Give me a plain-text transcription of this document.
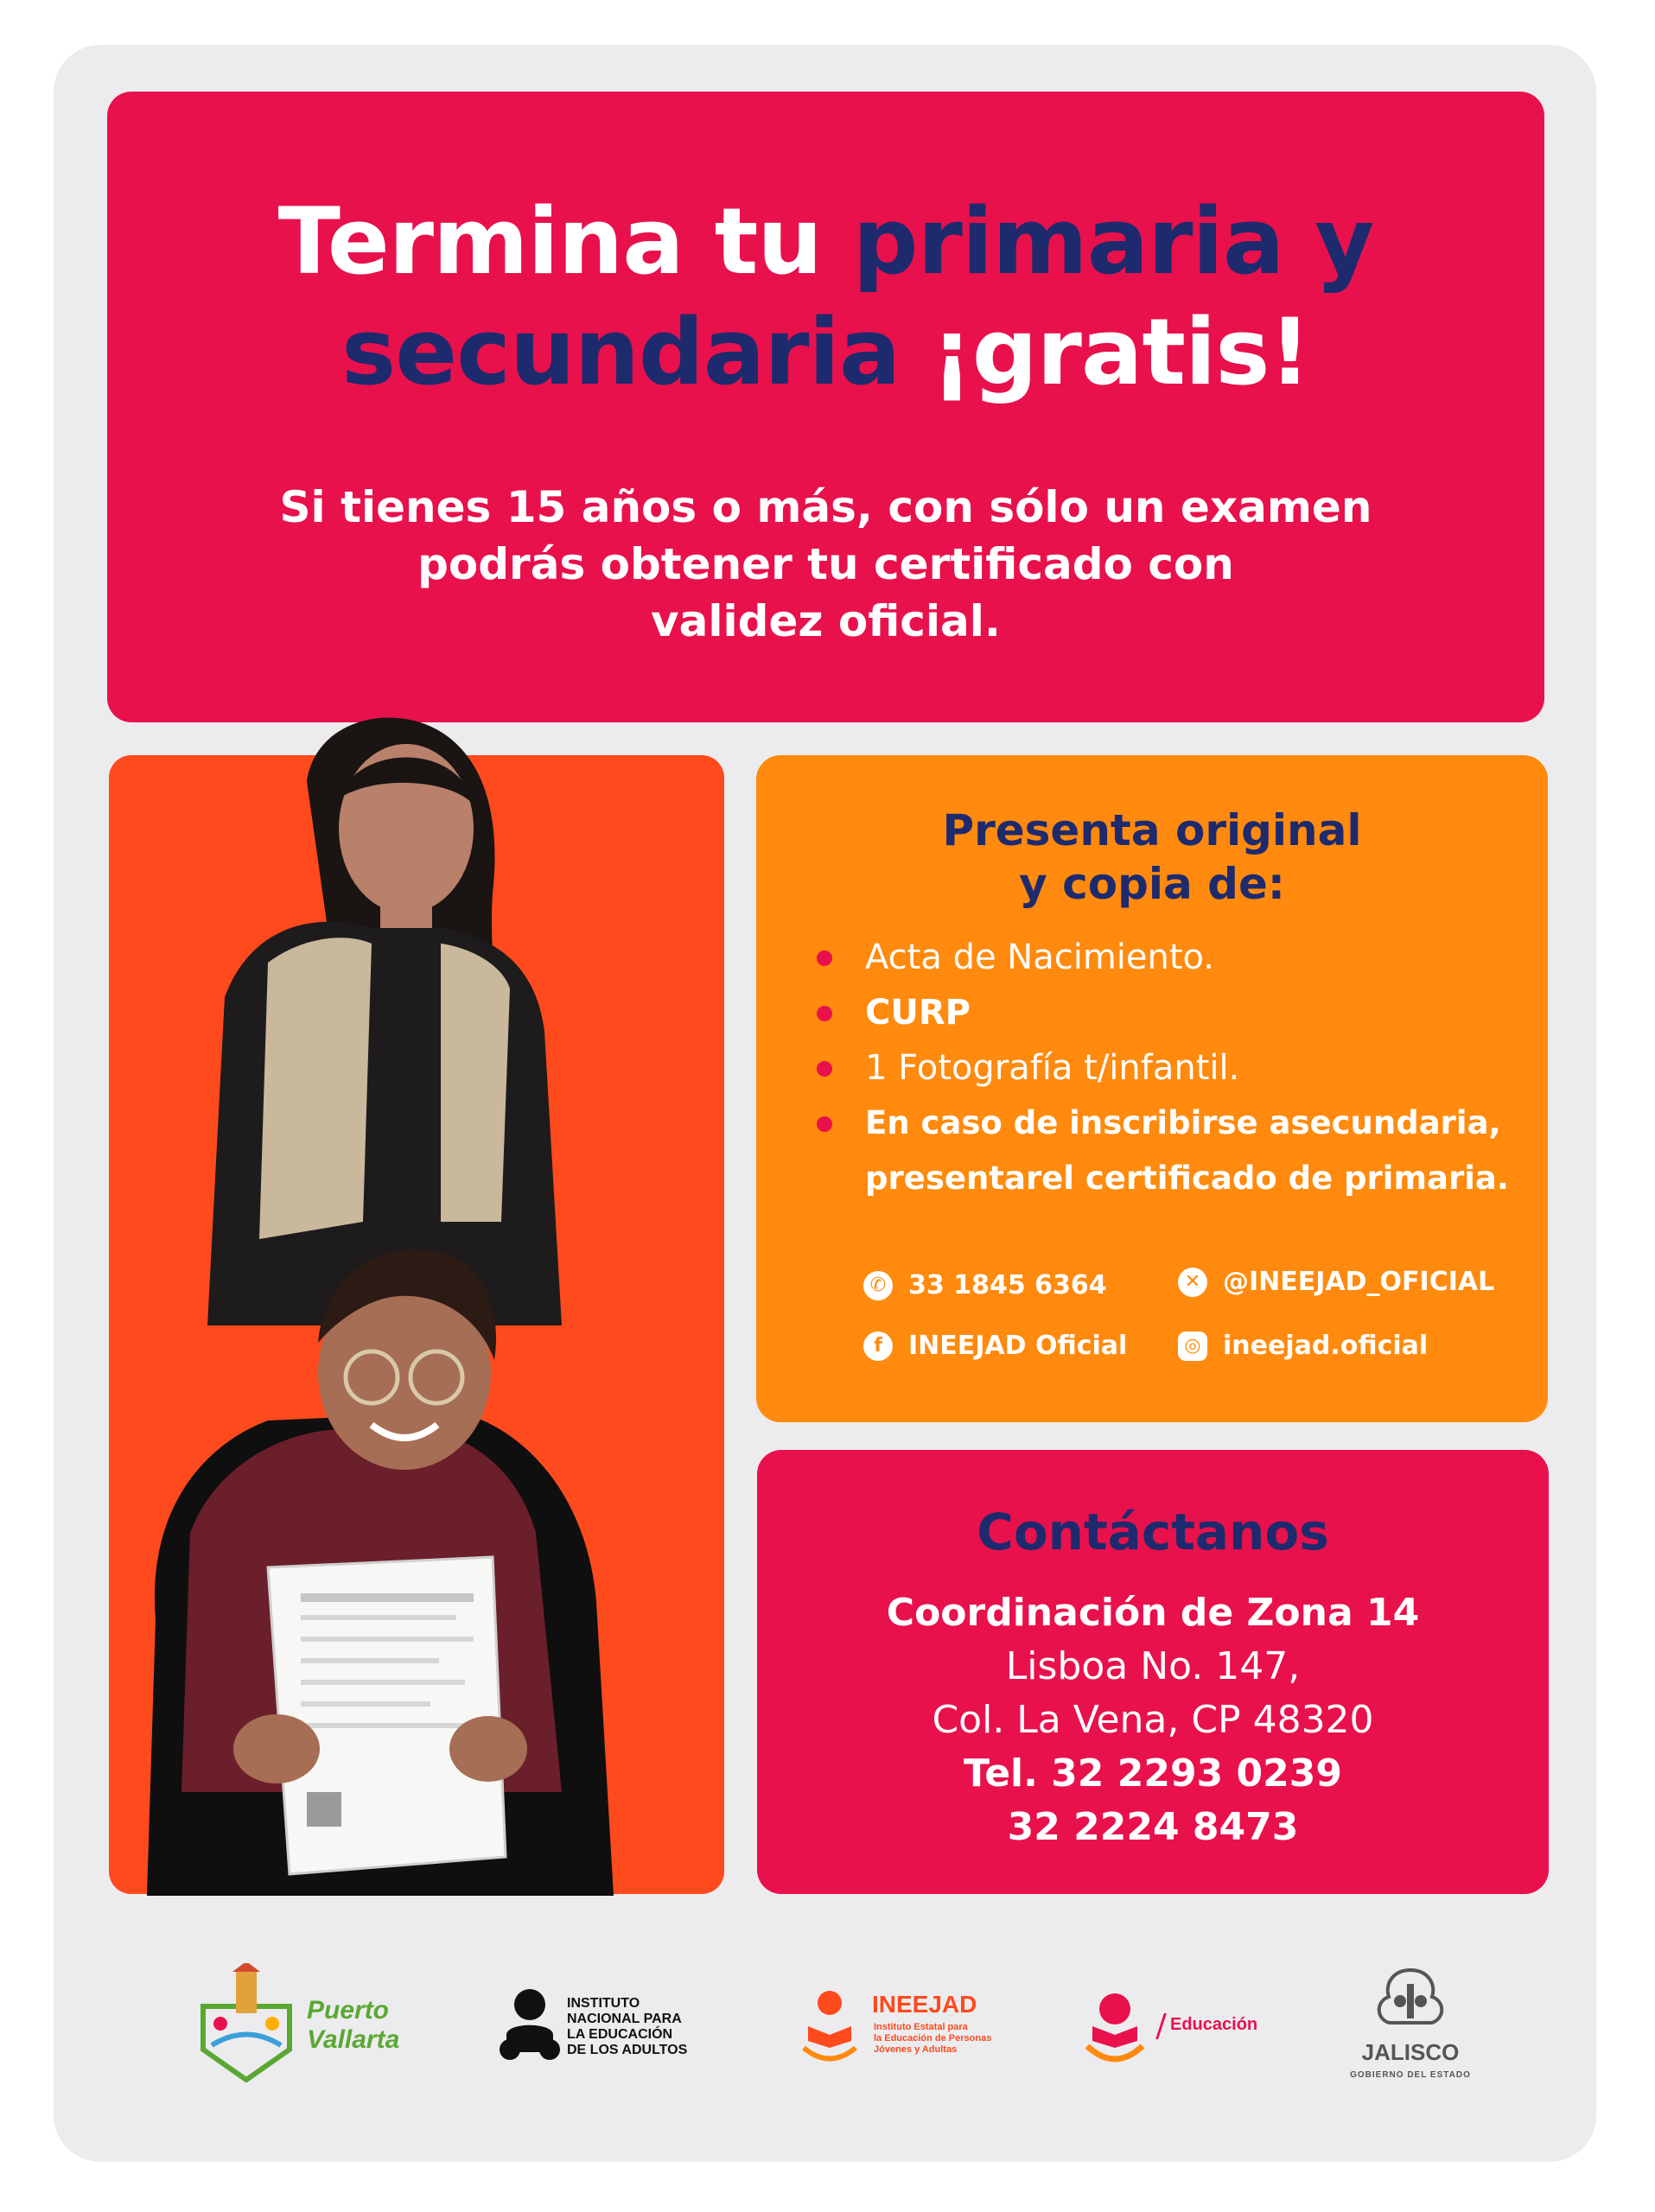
Termina tu primaria y
secundaria ¡gratis!
Si tienes 15 años o más, con sólo un examen
podrás obtener tu certificado con
validez oficial.
Presenta original
y copia de:
Acta de Nacimiento.
CURP
1 Fotografía t/infantil.
En caso de inscribirse asecundaria,
presentarel certificado de primaria.
✆ 33 1845 6364	✕ @INEEJAD_OFICIAL
f	INEEJAD Oficial	◎ ineejad.oficial
Contáctanos
Coordinación de Zona 14
Lisboa No. 147,
Col. La Vena, CP 48320
Tel. 32 2293 0239
32 2224 8473
Puerto
Vallarta
INSTITUTO
NACIONAL PARA
LA EDUCACIÓN
DE LOS ADULTOS
INEEJAD
Instituto Estatal para
la Educación de Personas
Jóvenes y Adultas
Educación
JALISCO
GOBIERNO DEL ESTADO
